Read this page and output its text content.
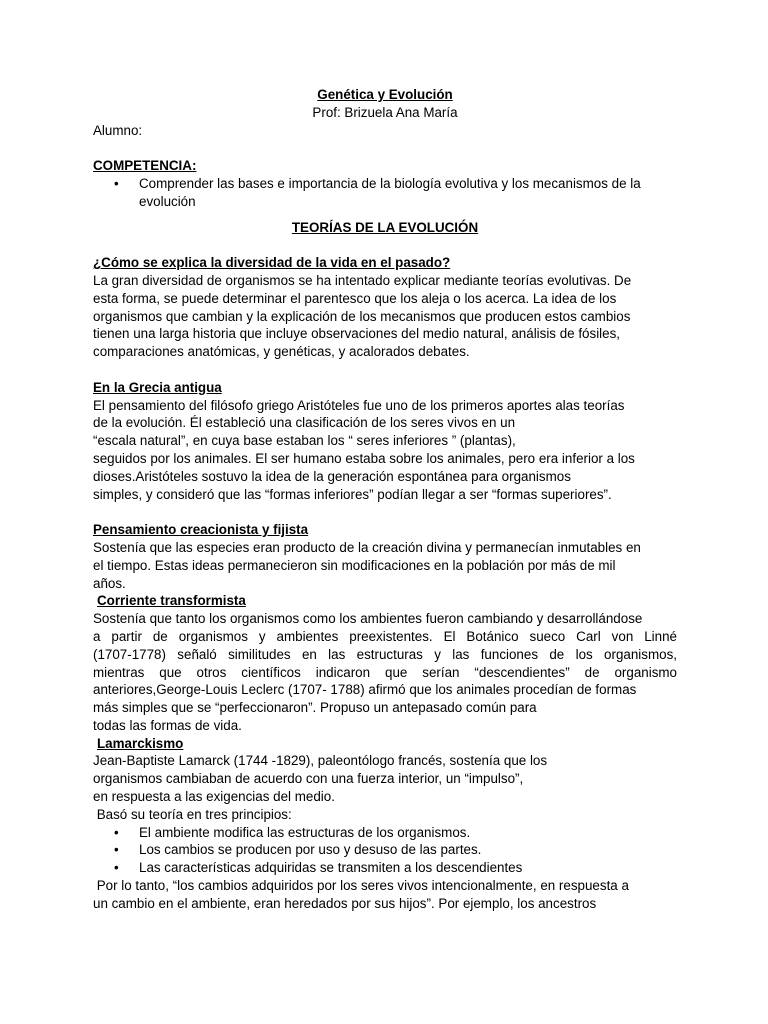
Genética y Evolución
Prof: Brizuela Ana María
Alumno:
COMPETENCIA:
• Comprender las bases e importancia de la biología evolutiva y los mecanismos de la
evolución
TEORÍAS DE LA EVOLUCIÓN
¿Cómo se explica la diversidad de la vida en el pasado?
La gran diversidad de organismos se ha intentado explicar mediante teorías evolutivas. De
esta forma, se puede determinar el parentesco que los aleja o los acerca. La idea de los
organismos que cambian y la explicación de los mecanismos que producen estos cambios
tienen una larga historia que incluye observaciones del medio natural, análisis de fósiles,
comparaciones anatómicas, y genéticas, y acalorados debates.
En la Grecia antigua
El pensamiento del filósofo griego Aristóteles fue uno de los primeros aportes alas teorías
de la evolución. Él estableció una clasificación de los seres vivos en un
“escala natural”, en cuya base estaban los “ seres inferiores ” (plantas),
seguidos por los animales. El ser humano estaba sobre los animales, pero era inferior a los
dioses.Aristóteles sostuvo la idea de la generación espontánea para organismos
simples, y consideró que las “formas inferiores” podían llegar a ser “formas superiores”.
Pensamiento creacionista y fijista
Sostenía que las especies eran producto de la creación divina y permanecían inmutables en
el tiempo. Estas ideas permanecieron sin modificaciones en la población por más de mil
años.
Corriente transformista
Sostenía que tanto los organismos como los ambientes fueron cambiando y desarrollándose
a partir de organismos y ambientes preexistentes. El Botánico sueco Carl von Linné
(1707-1778) señaló similitudes en las estructuras y las funciones de los organismos,
mientras que otros científicos indicaron que serían “descendientes” de organismo
anteriores,George-Louis Leclerc (1707- 1788) afirmó que los animales procedían de formas
más simples que se “perfeccionaron”. Propuso un antepasado común para
todas las formas de vida.
Lamarckismo
Jean-Baptiste Lamarck (1744 -1829), paleontólogo francés, sostenía que los
organismos cambiaban de acuerdo con una fuerza interior, un “impulso”,
en respuesta a las exigencias del medio.
Basó su teoría en tres principios:
• El ambiente modifica las estructuras de los organismos.
• Los cambios se producen por uso y desuso de las partes.
• Las características adquiridas se transmiten a los descendientes
Por lo tanto, “los cambios adquiridos por los seres vivos intencionalmente, en respuesta a
un cambio en el ambiente, eran heredados por sus hijos”. Por ejemplo, los ancestros
